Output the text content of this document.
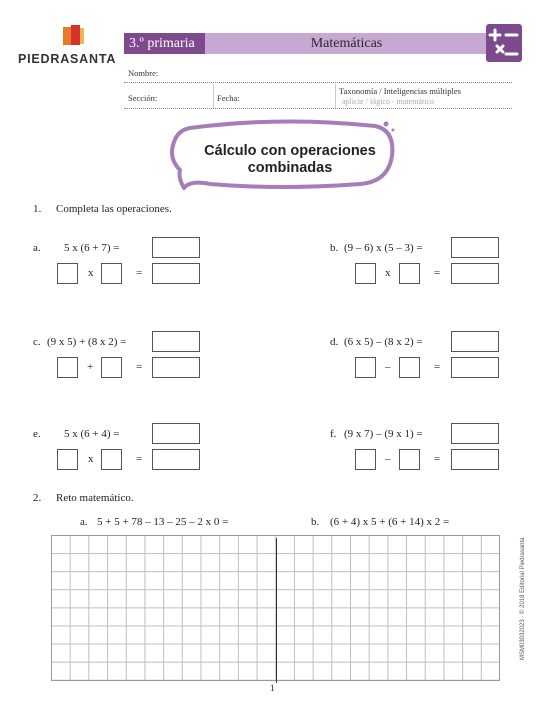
PIEDRASANTA
3.º primaria	Matemáticas
Nombre:
Sección:	Fecha:
Taxonomía / Inteligencias múltiples
aplicar / lógico - matemático
Cálculo con operaciones
combinadas
1. Completa las operaciones.
a. 5 x (6 + 7) =
x	=
b. (9 – 6) x (5 – 3) =
x	=
c. (9 x 5) + (8 x 2) =
+	=
d. (6 x 5) – (8 x 2) =
–	=
e. 5 x (6 + 4) =
x	=
f. (9 x 7) – (9 x 1) =
–	=
2. Reto matemático.
a. 5 + 5 + 78 – 13 – 25 – 2 x 0 =	b. (6 + 4) x 5 + (6 + 14) x 2 =
MSM03032023 · © 2018 Editorial Piedrasanta
1
